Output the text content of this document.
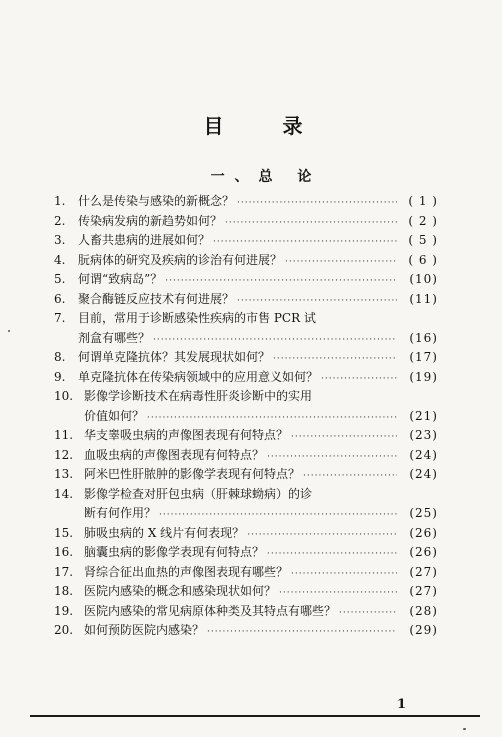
目 录
一、总 论
1.	什么是传染与感染的新概念？ ·····	( 1 )
2.	传染病发病的新趋势如何？ ·····	( 2 )
3.	人畜共患病的进展如何？ ·····	( 5 )
4.	朊病体的研究及疾病的诊治有何进展？ ·····	( 6 )
5.	何谓“致病岛”？ ·····	(10)
6.	聚合酶链反应技术有何进展？ ·····	(11)
7.	目前，常用于诊断感染性疾病的市售 PCR 试
剂盒有哪些？ ·····	(16)
8.	何谓单克隆抗体？其发展现状如何？ ·····	(17)
9.	单克隆抗体在传染病领域中的应用意义如何？ ·····	(19)
10. 影像学诊断技术在病毒性肝炎诊断中的实用
价值如何？ ·····	(21)
11. 华支睾吸虫病的声像图表现有何特点？ ·····	(23)
12. 血吸虫病的声像图表现有何特点？ ·····	(24)
13. 阿米巴性肝脓肿的影像学表现有何特点？ ·····	(24)
14. 影像学检查对肝包虫病（肝棘球蚴病）的诊
断有何作用？ ·····	(25)
15. 肺吸虫病的 X 线片有何表现？ ·····	(26)
16. 脑囊虫病的影像学表现有何特点？ ·····	(26)
17. 肾综合征出血热的声像图表现有哪些？ ·····	(27)
18. 医院内感染的概念和感染现状如何？ ·····	(27)
19. 医院内感染的常见病原体种类及其特点有哪些？ ·····	(28)
20. 如何预防医院内感染？ ·····	(29)
1
